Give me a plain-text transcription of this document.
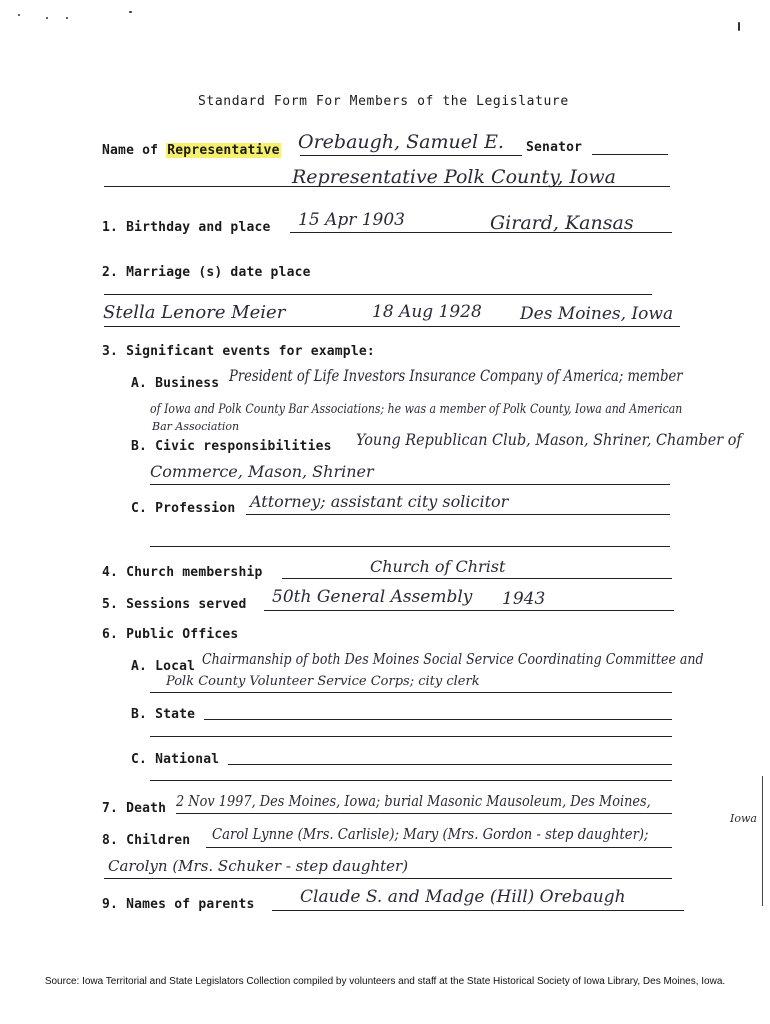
Standard Form For Members of the Legislature
Name of Representative Orebaugh, Samuel E. Senator
Representative Polk County, Iowa
1. Birthday and place 15 Apr 1903	Girard, Kansas
2. Marriage (s) date place
Stella Lenore Meier	18 Aug 1928 Des Moines, Iowa
3. Significant events for example:
A. Business President of Life Investors Insurance Company of America; member
of Iowa and Polk County Bar Associations; he was a member of Polk County, Iowa and American
Bar Association
B. Civic responsibilities Young Republican Club, Mason, Shriner, Chamber of
Commerce, Mason, Shriner
C. Profession Attorney; assistant city solicitor
4. Church membership	Church of Christ
5. Sessions served 50th General Assembly 1943
6. Public Offices
A. Local Chairmanship of both Des Moines Social Service Coordinating Committee and
Polk County Volunteer Service Corps; city clerk
B. State
C. National
7. Death 2 Nov 1997, Des Moines, Iowa; burial Masonic Mausoleum, Des Moines,
Iowa
8. Children Carol Lynne (Mrs. Carlisle); Mary (Mrs. Gordon - step daughter);
Carolyn (Mrs. Schuker - step daughter)
9. Names of parents	Claude S. and Madge (Hill) Orebaugh
Source: Iowa Territorial and State Legislators Collection compiled by volunteers and staff at the State Historical Society of Iowa Library, Des Moines, Iowa.
